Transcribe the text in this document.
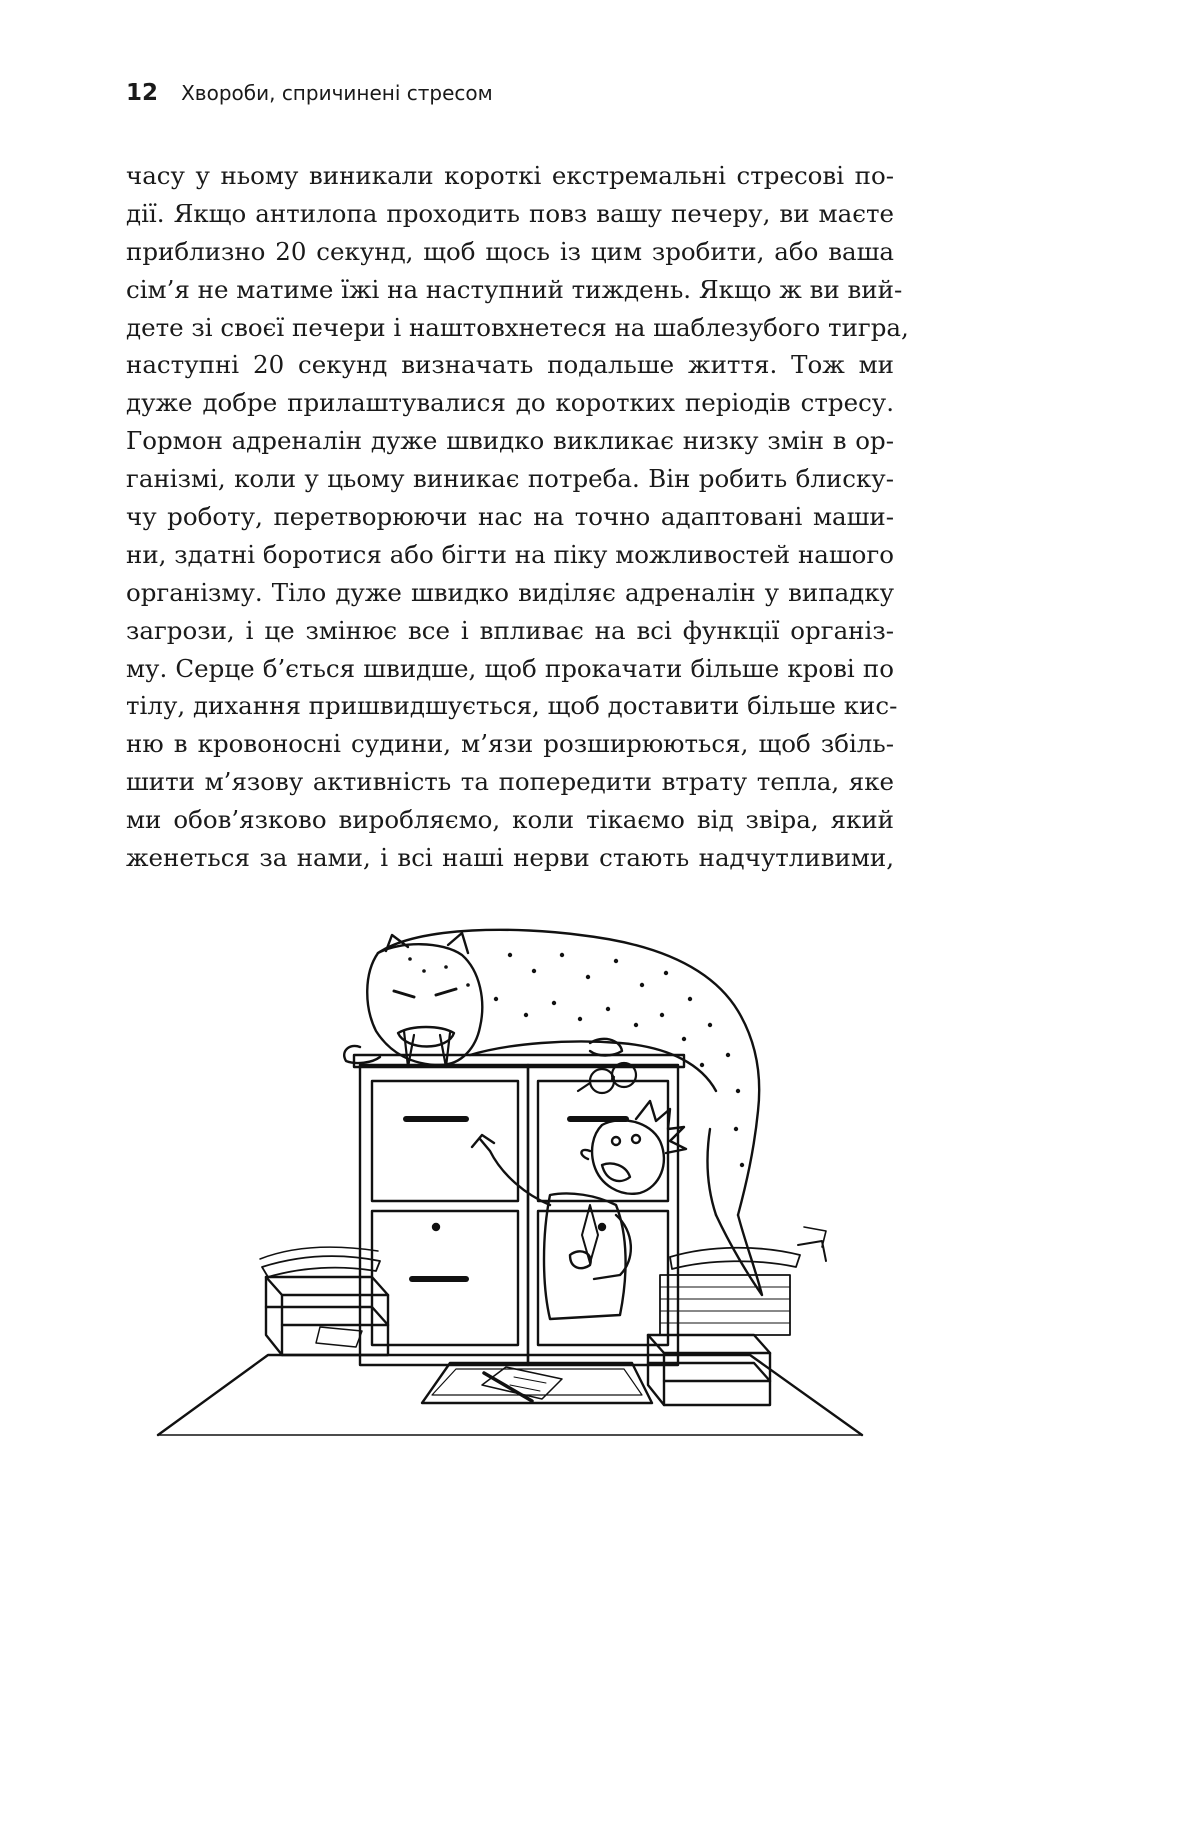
12 Хвороби, спричинені стресом
часу у ньому виникали короткі екстремальні стресові по-
дії. Якщо антилопа проходить повз вашу печеру, ви маєте
приблизно 20 секунд, щоб щось із цим зробити, або ваша
сім’я не матиме їжі на наступний тиждень. Якщо ж ви вий-
дете зі своєї печери і наштовхнетеся на шаблезубого тигра,
наступні 20 секунд визначать подальше життя. Тож ми
дуже добре прилаштувалися до коротких періодів стресу.
Гормон адреналін дуже швидко викликає низку змін в ор-
ганізмі, коли у цьому виникає потреба. Він робить блиску-
чу роботу, перетворюючи нас на точно адаптовані маши-
ни, здатні боротися або бігти на піку можливостей нашого
організму. Тіло дуже швидко виділяє адреналін у випадку
загрози, і це змінює все і впливає на всі функції організ-
му. Серце б’ється швидше, щоб прокачати більше крові по
тілу, дихання пришвидшується, щоб доставити більше кис-
ню в кровоносні судини, м’язи розширюються, щоб збіль-
шити м’язову активність та попередити втрату тепла, яке
ми обов’язково виробляємо, коли тікаємо від звіра, який
женеться за нами, і всі наші нерви стають надчутливими,
